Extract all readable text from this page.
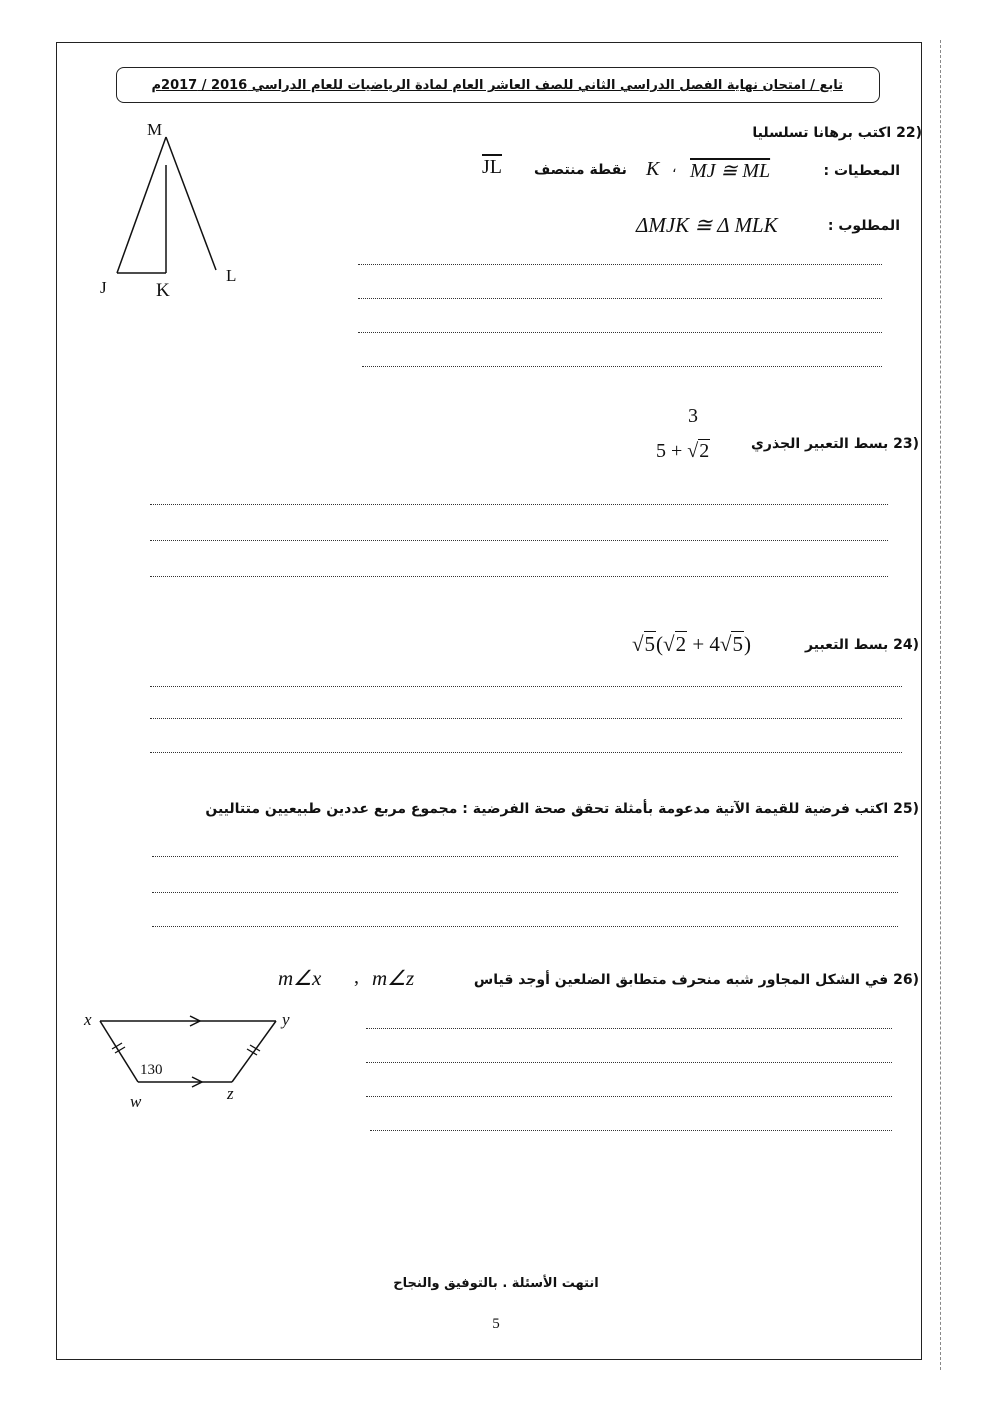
تابع / امتحان نهاية الفصل الدراسي الثاني للصف العاشر العام لمادة الرياضيات للعام الدراسي 2016 / 2017م
22) اكتب برهانا تسلسليا
المعطيات :
MJ ≅ ML
،
K
نقطة منتصف
$\overline{JL}$
المطلوب :
ΔMJK ≅ Δ MLK
M
J	K
L
3
5 + √2	23) بسط التعبير الجذري
√5(√2 + 4√5)	24) بسط التعبير
25) اكتب فرضية للقيمة الآتية مدعومة بأمثلة تحقق صحة الفرضية : مجموع مربع عددين طبيعيين متتاليين
26) في الشكل المجاور شبه منحرف متطابق الضلعين أوجد قياس
m∠z
,
m∠x
x	y
w	z
130
انتهت الأسئلة . بالتوفيق والنجاح
5
